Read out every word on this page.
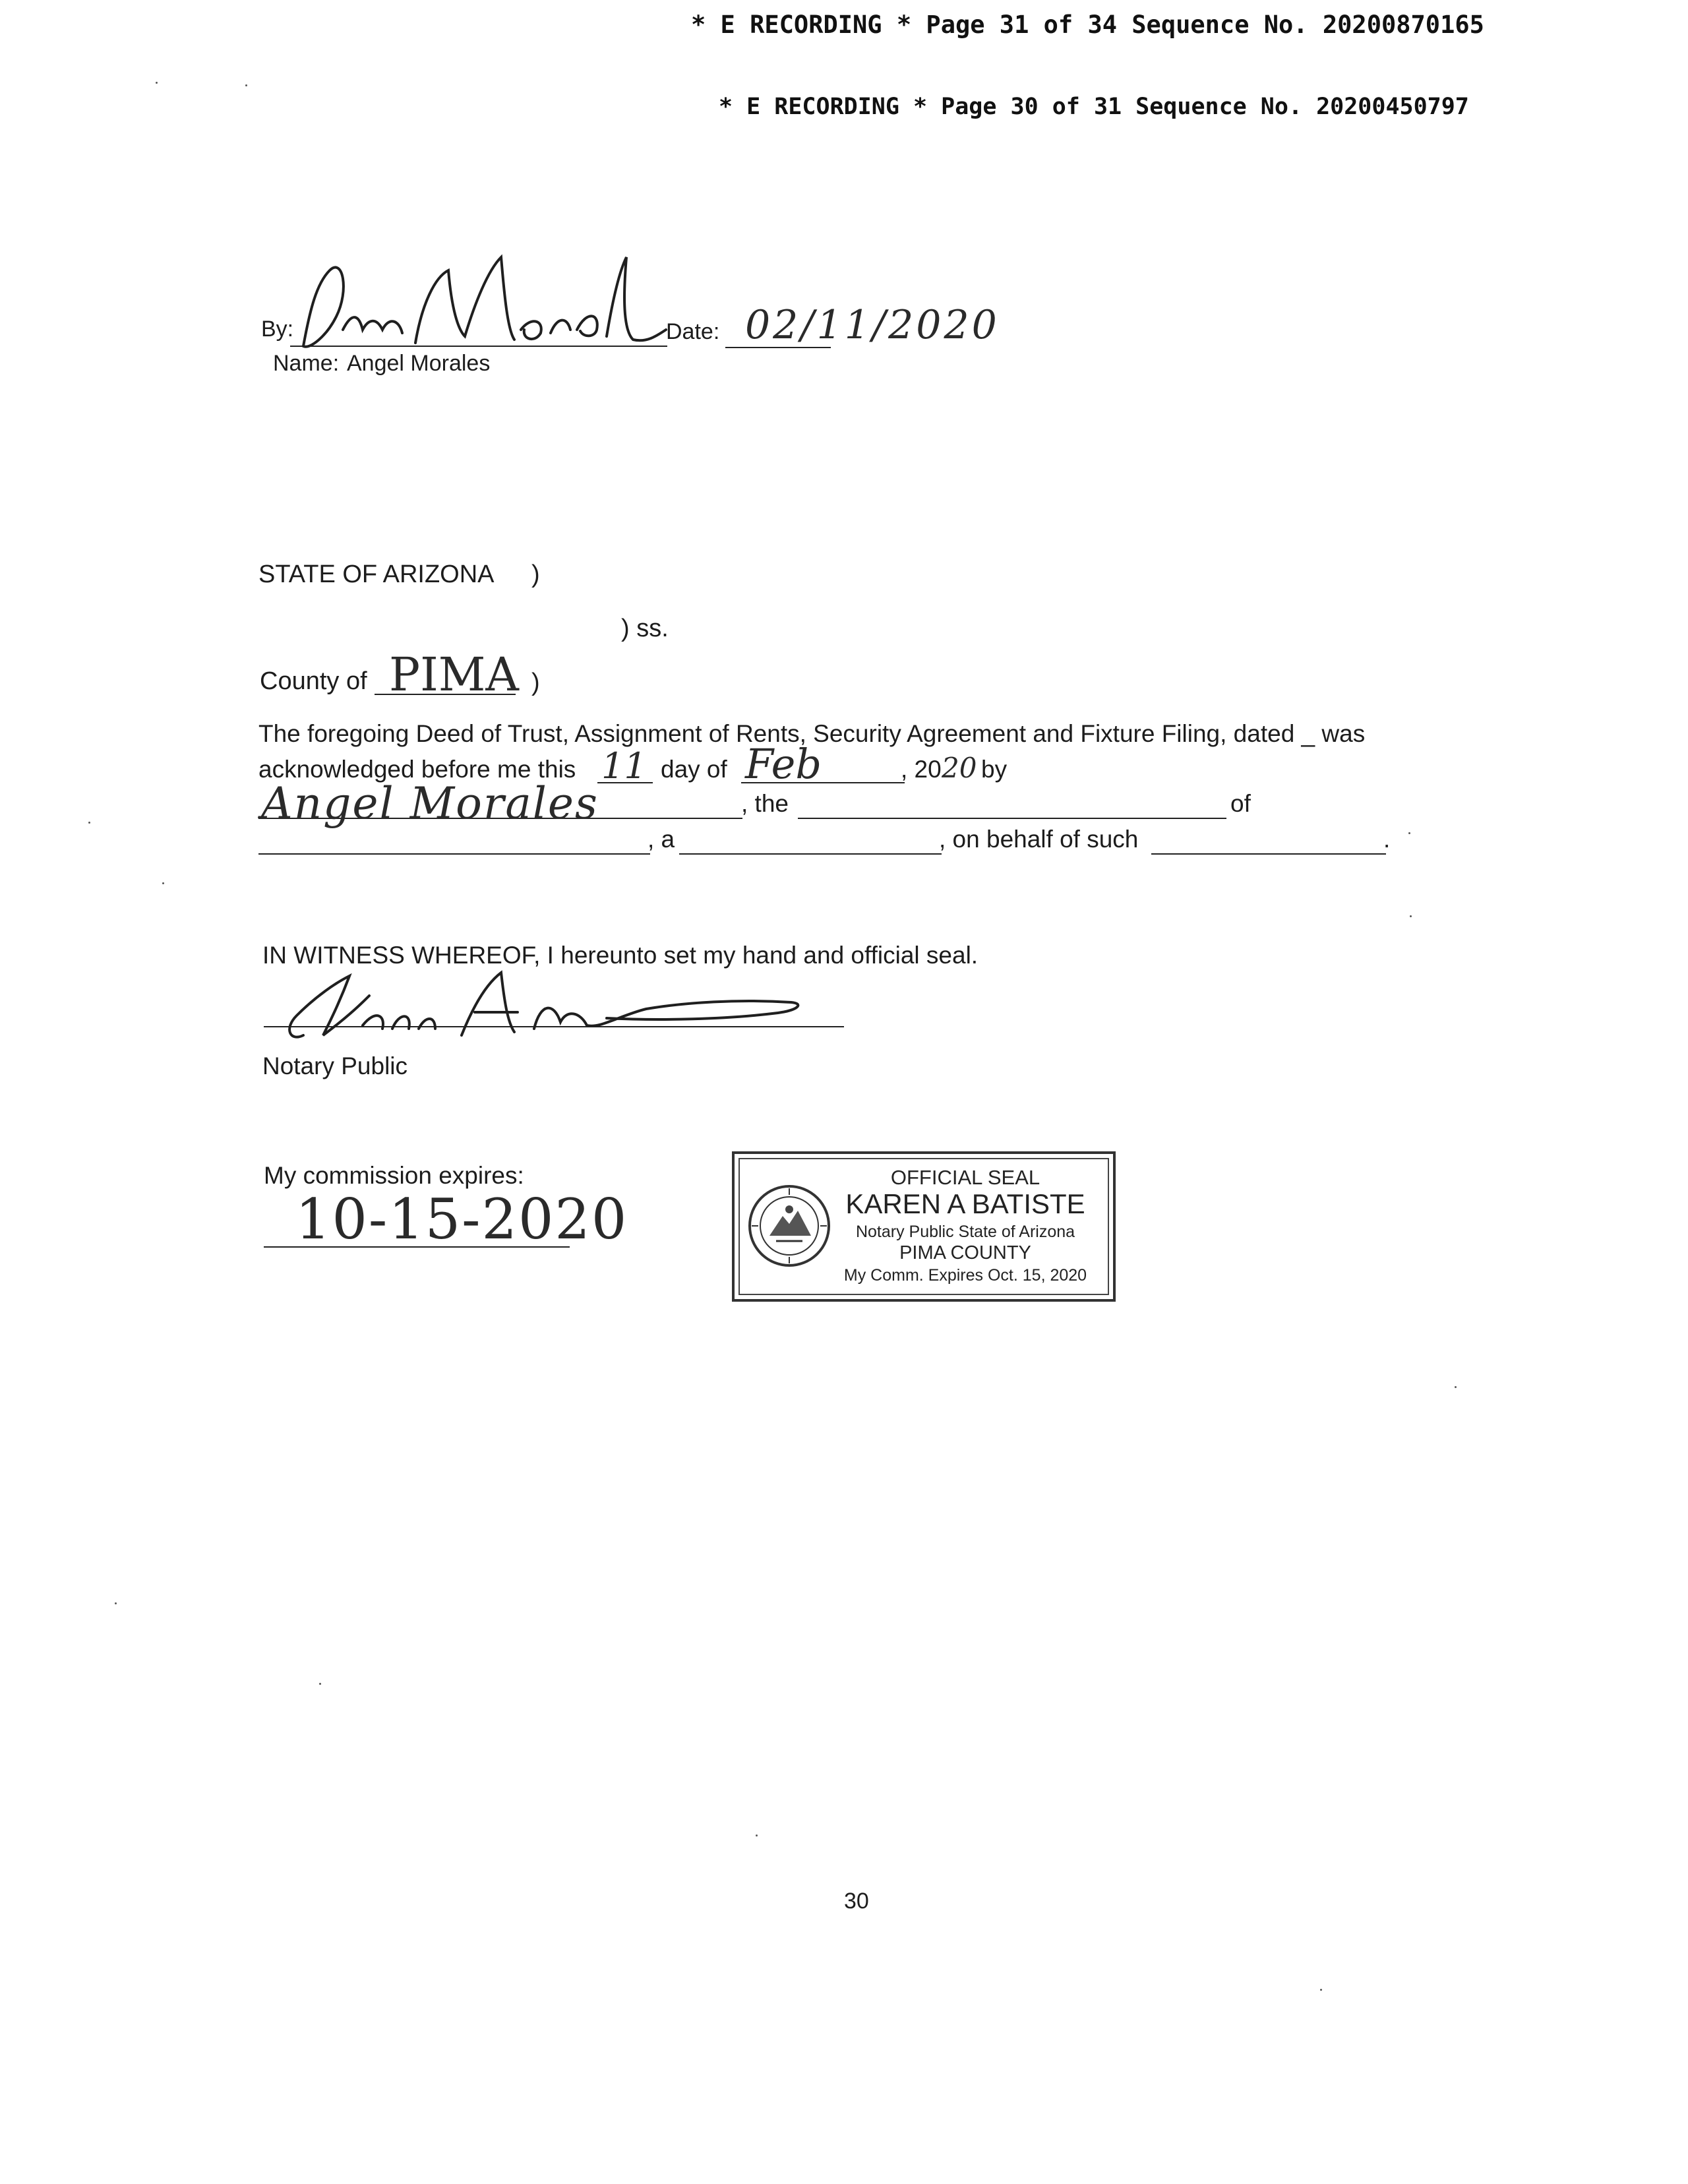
* E RECORDING * Page 31 of 34 Sequence No. 20200870165
* E RECORDING * Page 30 of 31 Sequence No. 20200450797
By:	Date: 02/11/2020
Name: Angel Morales
STATE OF ARIZONA )
) ss.
County of PIMA )
The foregoing Deed of Trust, Assignment of Rents, Security Agreement and Fixture Filing, dated _ was
acknowledged before me this 11 day of Feb	, 20 20 by
Angel Morales	, the	of
, a	, on behalf of such	.
IN WITNESS WHEREOF, I hereunto set my hand and official seal.
Notary Public
My commission expires:
10-15-2020
OFFICIAL SEAL
KAREN A BATISTE
Notary Public State of Arizona
PIMA COUNTY
My Comm. Expires Oct. 15, 2020
30
